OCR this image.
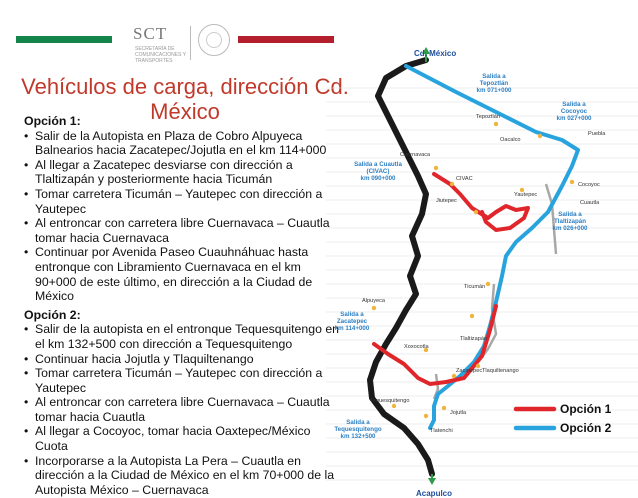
SCT
SECRETARÍA DE COMUNICACIONES Y TRANSPORTES
Vehículos de carga, dirección Cd. México
Opción 1:
• Salir de la Autopista en Plaza de Cobro Alpuyeca Balnearios hacia Zacatepec/Jojutla en el km 114+000
• Al llegar a Zacatepec desviarse con dirección a Tlaltizapán y posteriormente hacia Ticumán
• Tomar carretera Ticumán – Yautepec con dirección a Yautepec
• Al entroncar con carretera libre Cuernavaca – Cuautla tomar hacia Cuernavaca
• Continuar por Avenida Paseo Cuauhnáhuac hasta entronque con Libramiento Cuernavaca en el km 90+000 de este último, en dirección a la Ciudad de México
Opción 2:
• Salir de la autopista en el entronque Tequesquitengo en el km 132+500 con dirección a Tequesquitengo
• Continuar hacia Jojutla y Tlaquiltenango
• Tomar carretera Ticumán – Yautepec con dirección a Yautepec
• Al entroncar con carretera libre Cuernavaca – Cuautla tomar hacia Cuautla
• Al llegar a Cocoyoc, tomar hacia Oaxtepec/México Cuota
• Incorporarse a la Autopista La Pera – Cuautla en dirección a la Ciudad de México en el km 70+000 de la Autopista México – Cuernavaca
Cd. México
Acapulco
Salida a
Tepoztlán
km 071+000
Salida a
Cocoyoc
km 027+000
Salida a Cuautla
(CIVAC)
km 090+000
Salida a
Tlaltizapán
km 026+000
Salida a
Zacatepec
km 114+000
Salida a
Tequesquitengo
km 132+500
Tepoztlán
Oacalco
Puebla
Cocoyoc
Cuautla
Cuernavaca
CIVAC
Jiutepec
Yautepec
Ticumán
Alpuyeca
Tlaltizapán
Xoxocotla
Zacatepec Tlaquiltenango
Tequesquitengo
Jojutla
Tlatenchi
Opción 1
Opción 2
